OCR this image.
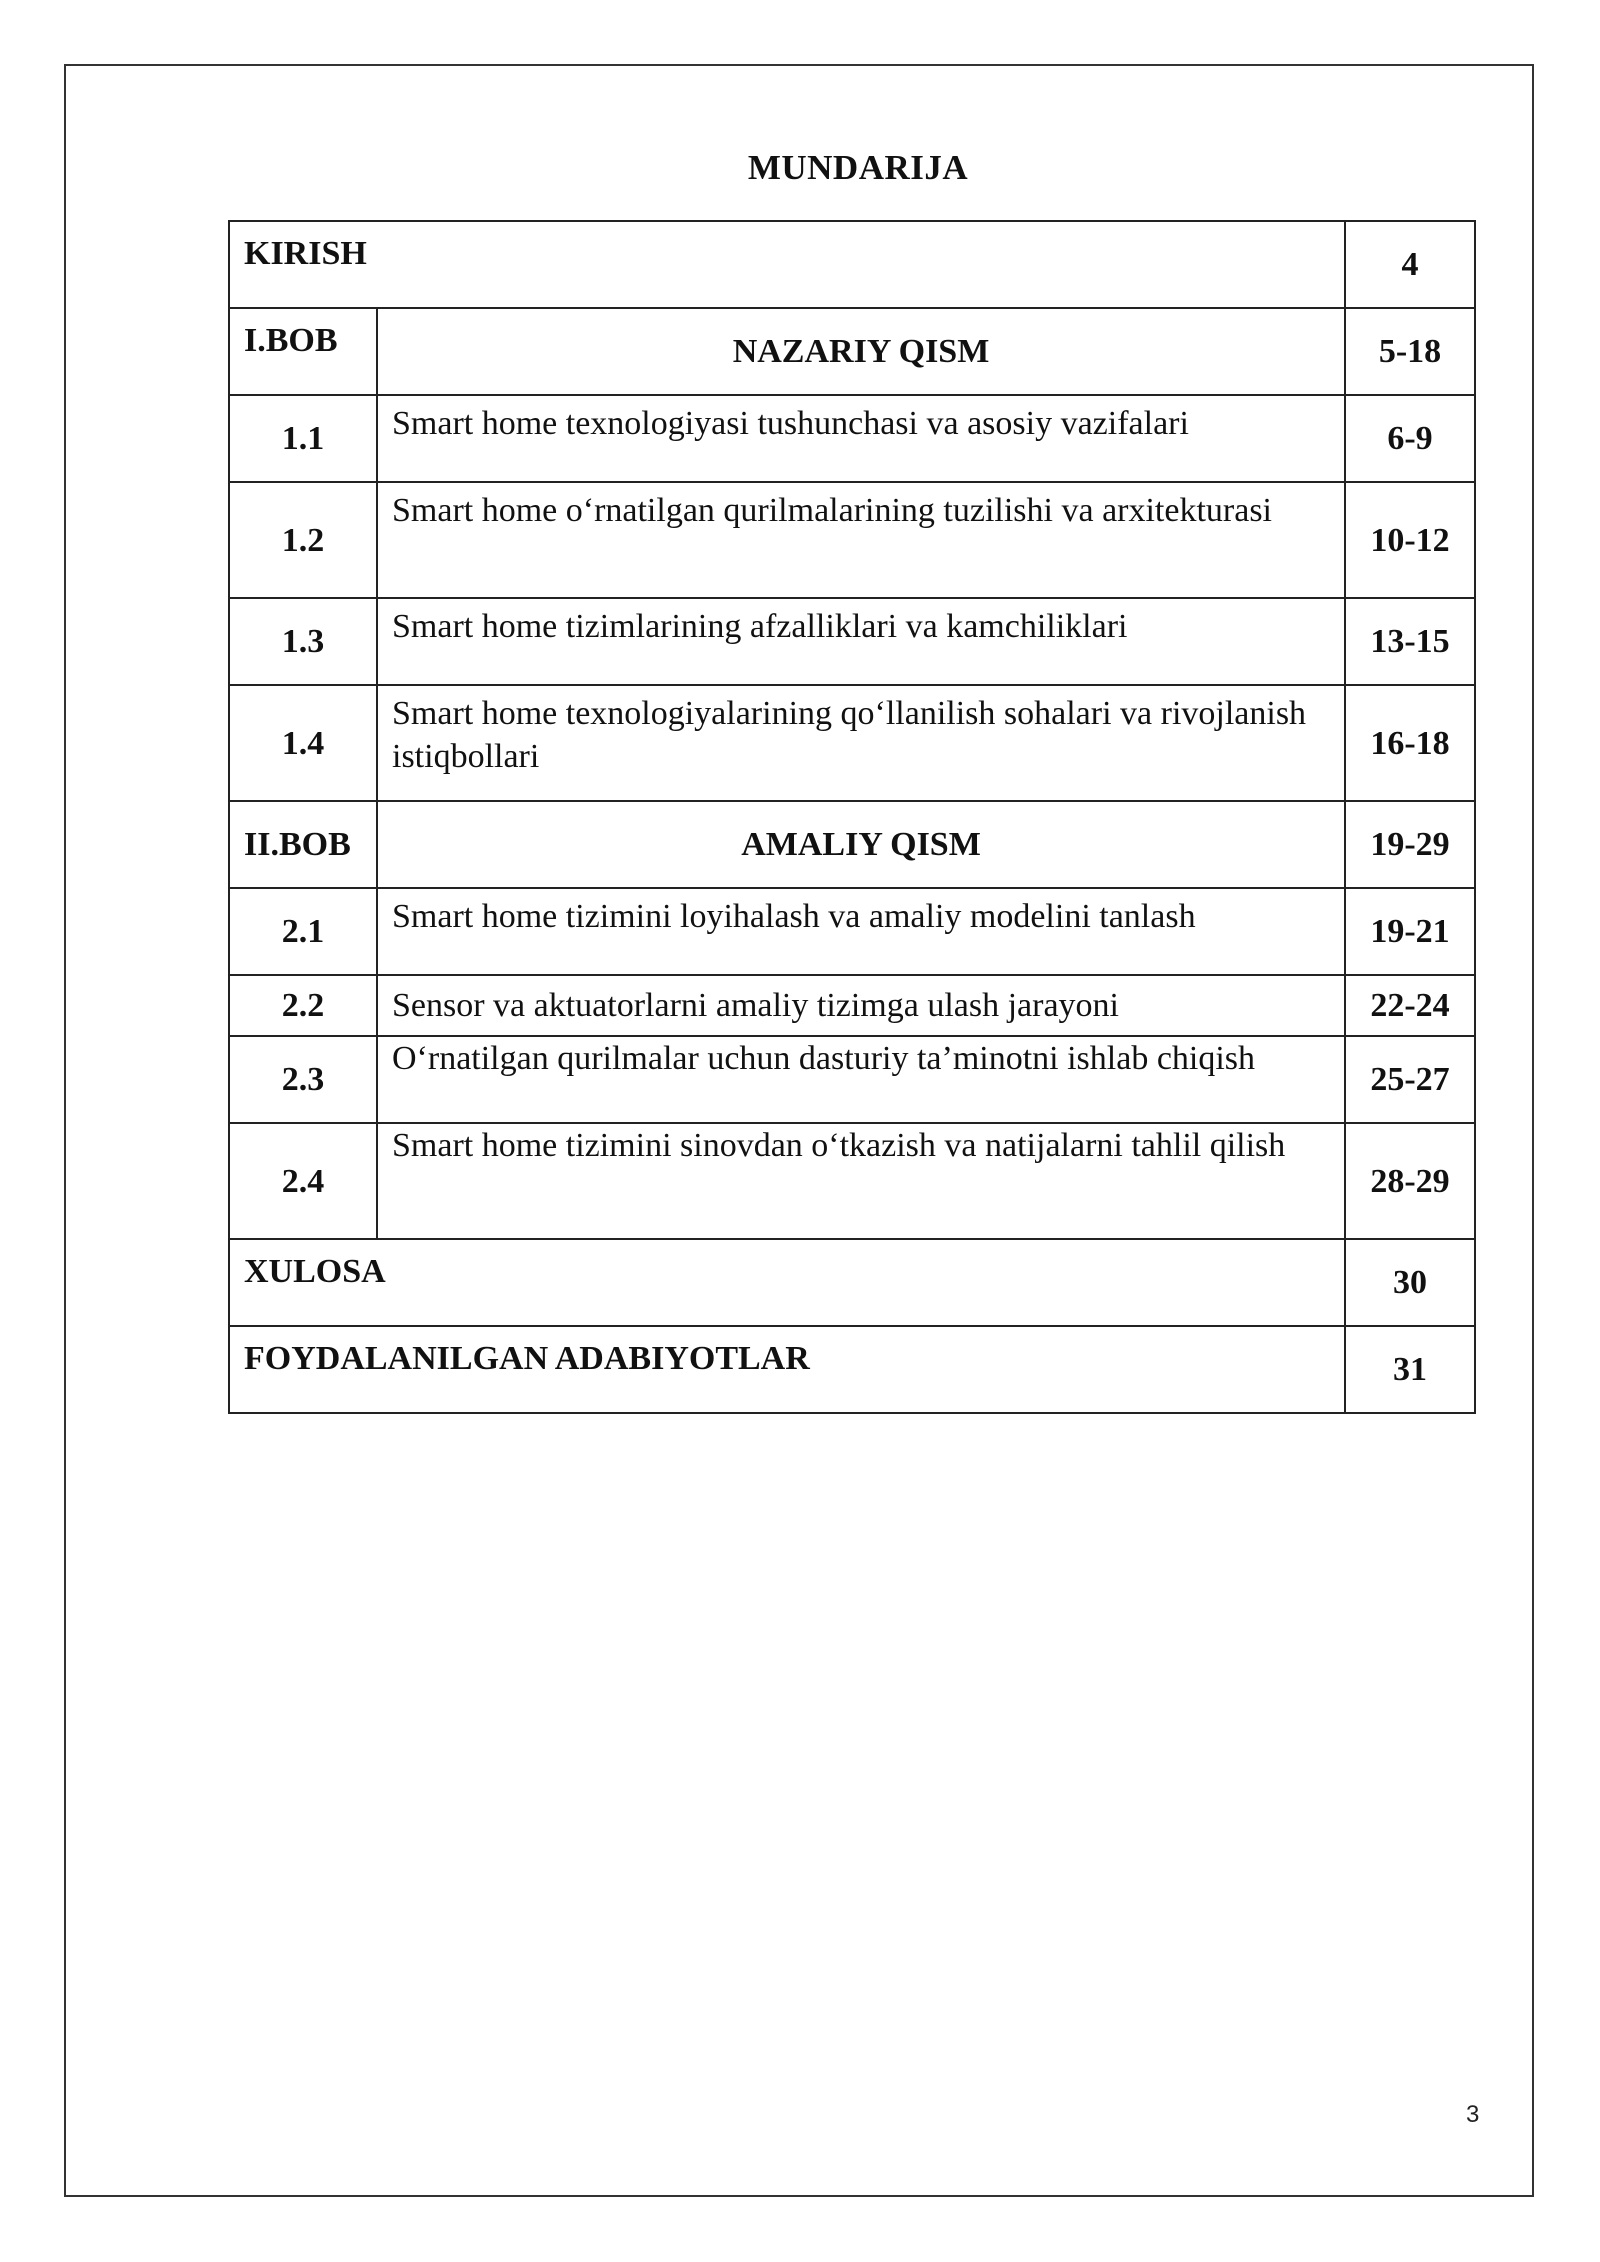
MUNDARIJA
KIRISH		4
I.BOB	NAZARIY QISM	5-18
1.1	Smart home texnologiyasi tushunchasi va asosiy vazifalari	6-9
1.2	Smart home o‘rnatilgan qurilmalarining tuzilishi va arxitekturasi	10-12
1.3	Smart home tizimlarining afzalliklari va kamchiliklari	13-15
1.4	Smart home texnologiyalarining qo‘llanilish sohalari va rivojlanish istiqbollari	16-18
II.BOB	AMALIY QISM	19-29
2.1	Smart home tizimini loyihalash va amaliy modelini tanlash	19-21
2.2	Sensor va aktuatorlarni amaliy tizimga ulash jarayoni	22-24
2.3	O‘rnatilgan qurilmalar uchun dasturiy ta’minotni ishlab chiqish	25-27
2.4	Smart home tizimini sinovdan o‘tkazish va natijalarni tahlil qilish	28-29
XULOSA		30
FOYDALANILGAN ADABIYOTLAR		31
3
